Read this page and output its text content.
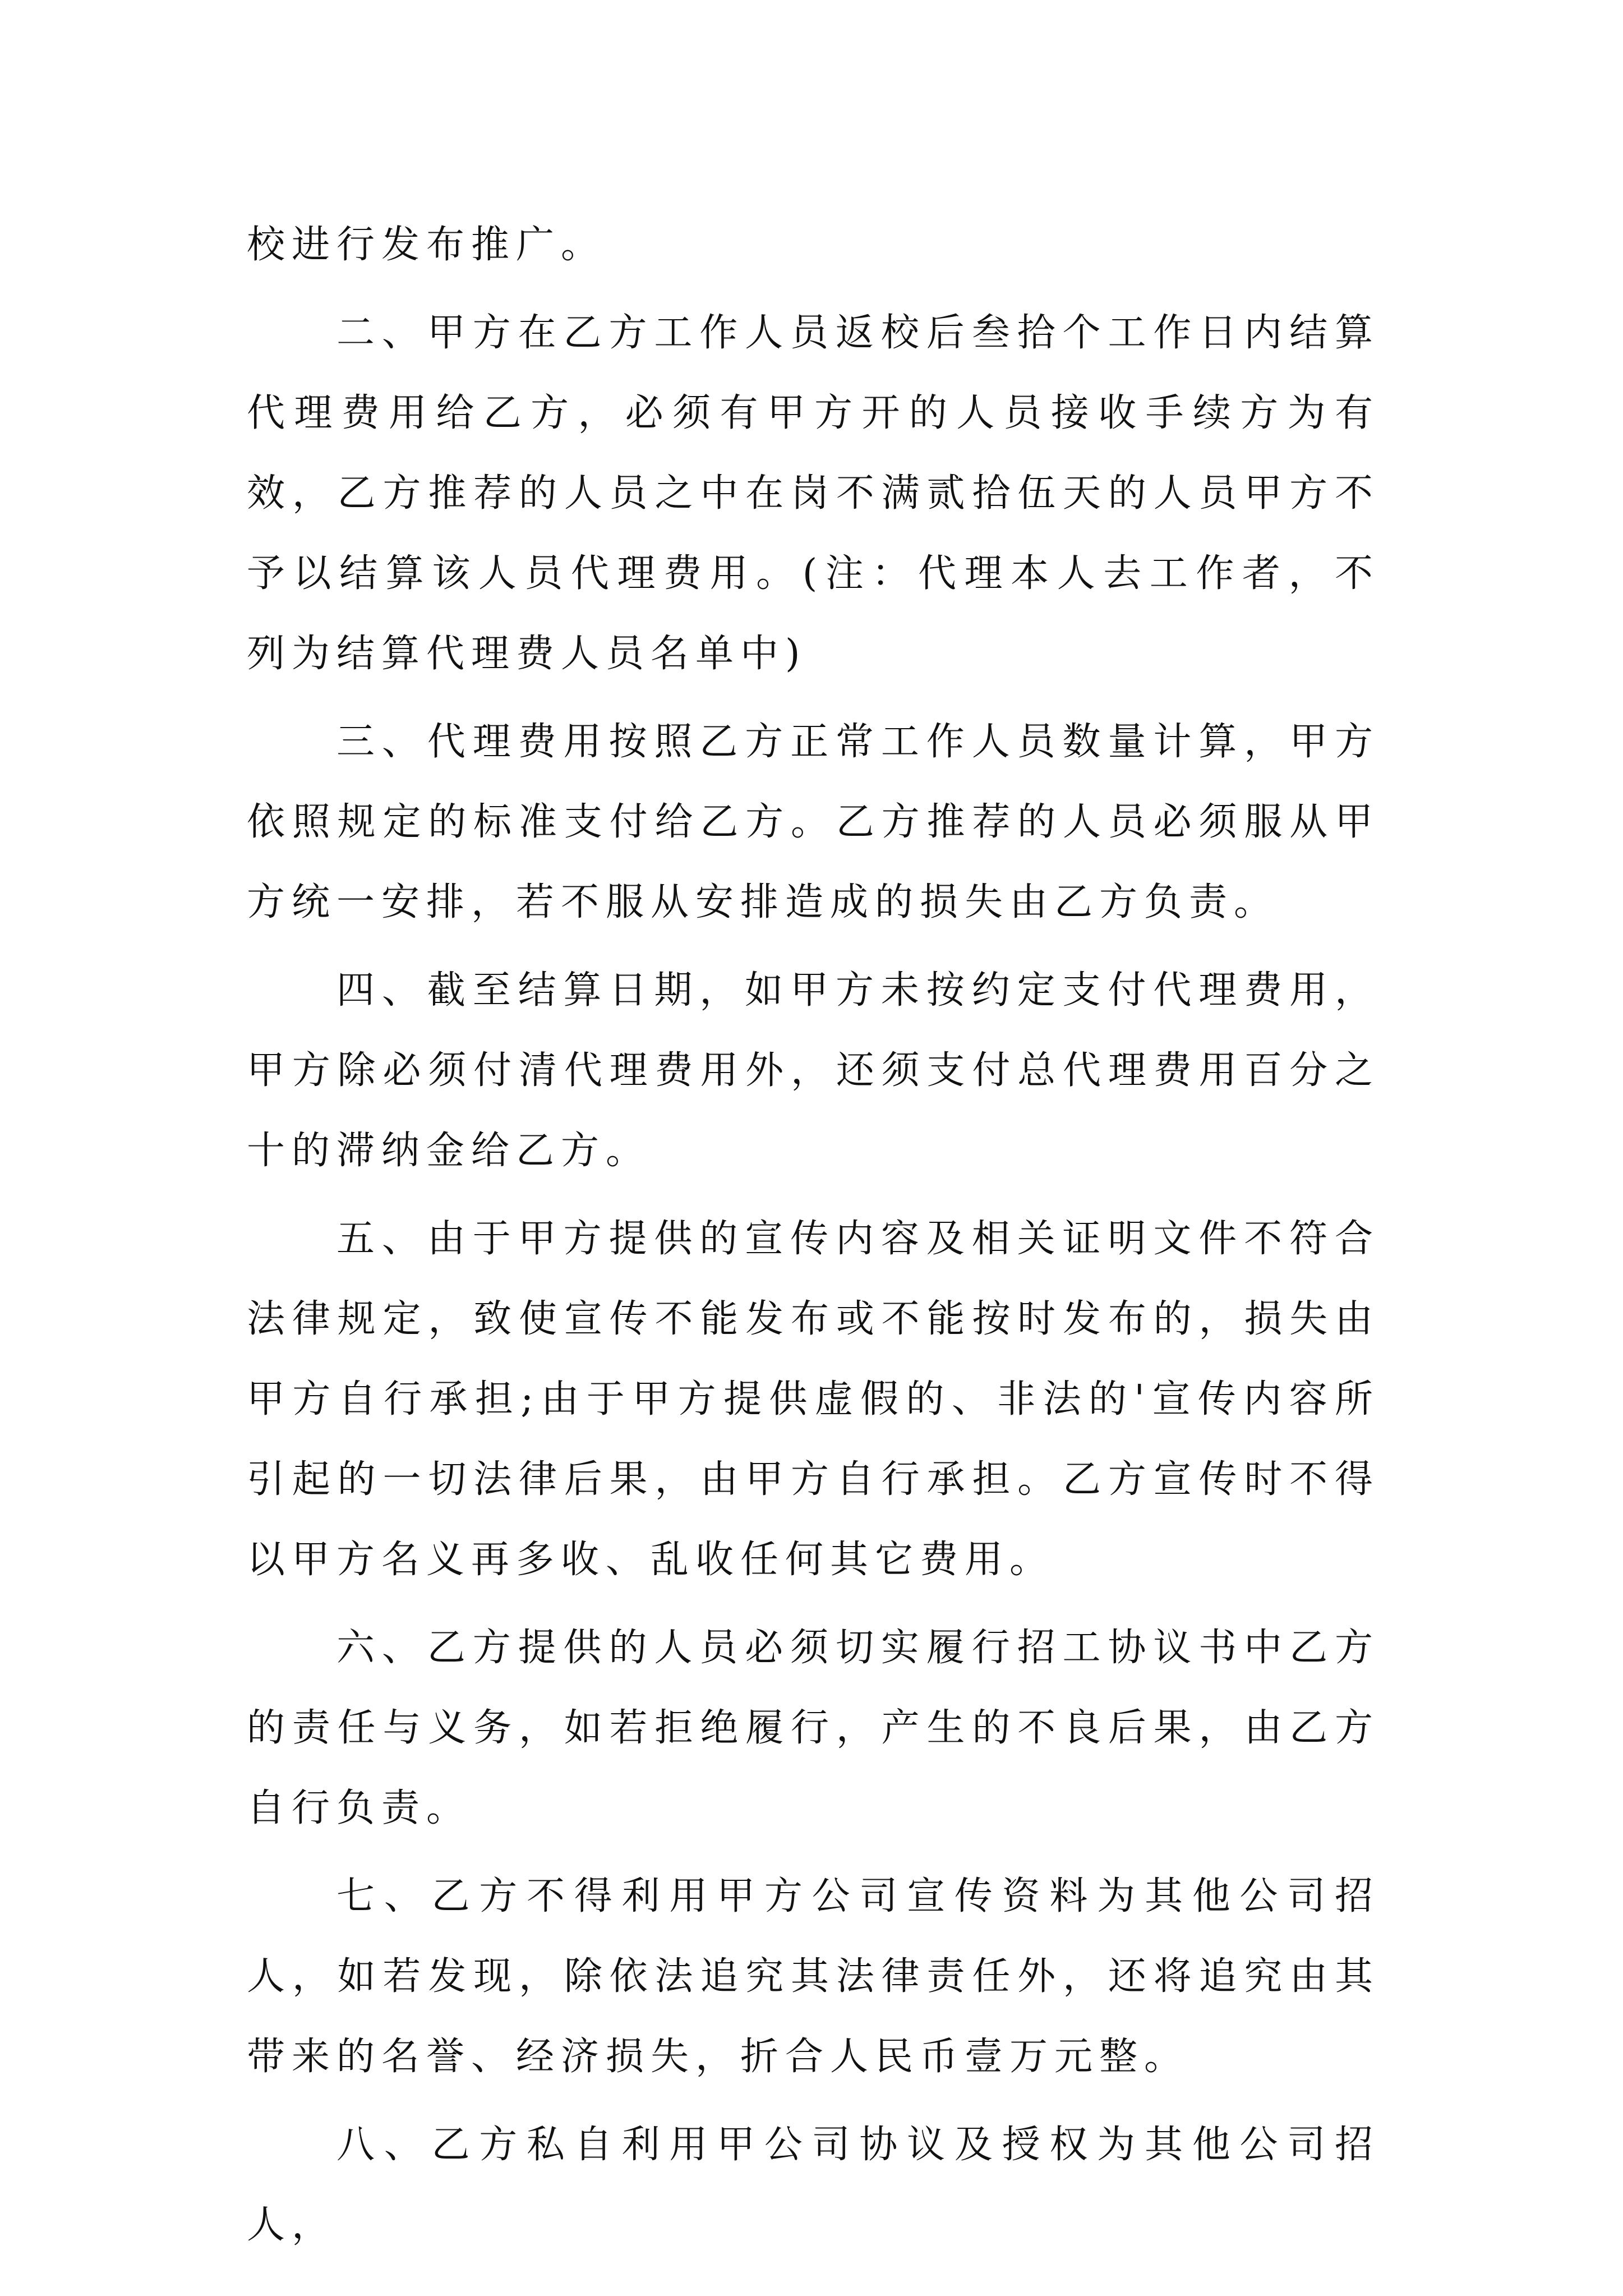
校进行发布推广。

二、甲方在乙方工作人员返校后叁拾个工作日内结算代理费用给乙方，必须有甲方开的人员接收手续方为有效，乙方推荐的人员之中在岗不满贰拾伍天的人员甲方不予以结算该人员代理费用。(注：代理本人去工作者，不列为结算代理费人员名单中)

三、代理费用按照乙方正常工作人员数量计算，甲方依照规定的标准支付给乙方。乙方推荐的人员必须服从甲方统一安排，若不服从安排造成的损失由乙方负责。

四、截至结算日期，如甲方未按约定支付代理费用，甲方除必须付清代理费用外，还须支付总代理费用百分之十的滞纳金给乙方。

五、由于甲方提供的宣传内容及相关证明文件不符合法律规定，致使宣传不能发布或不能按时发布的，损失由甲方自行承担;由于甲方提供虚假的、非法的'宣传内容所引起的一切法律后果，由甲方自行承担。乙方宣传时不得以甲方名义再多收、乱收任何其它费用。

六、乙方提供的人员必须切实履行招工协议书中乙方的责任与义务，如若拒绝履行，产生的不良后果，由乙方自行负责。

七、乙方不得利用甲方公司宣传资料为其他公司招人，如若发现，除依法追究其法律责任外，还将追究由其带来的名誉、经济损失，折合人民币壹万元整。

八、乙方私自利用甲公司协议及授权为其他公司招人，
